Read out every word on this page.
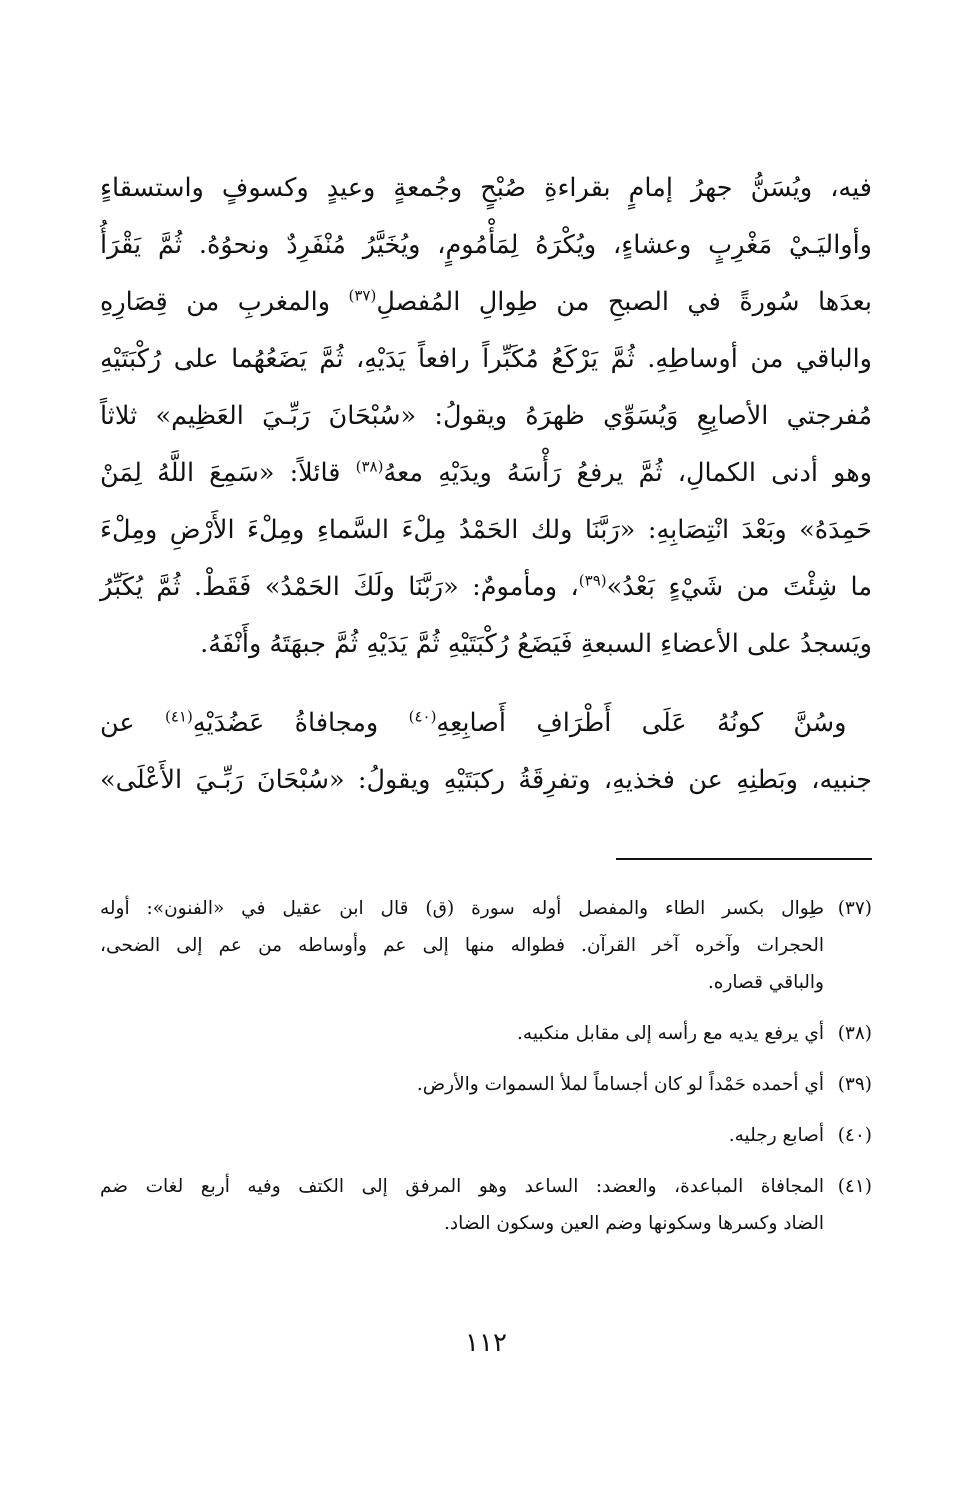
فيه، ويُسَنُّ جهرُ إمامٍ بقراءةِ صُبْحٍ وجُمعةٍ وعيدٍ وكسوفٍ واستسقاءٍ
وأواليَـيْ مَغْرِبٍ وعشاءٍ، ويُكْرَهُ لِمَأْمُومٍ، ويُخَيَّرُ مُنْفَرِدٌ ونحوُهُ. ثُمَّ يَقْرَأُ
بعدَها سُورةً في الصبحِ من طِوالِ المُفصلِ$^{(٣٧)}$ والمغربِ من قِصَارِهِ
والباقي من أوساطِهِ. ثُمَّ يَرْكَعُ مُكَبِّراً رافعاً يَدَيْهِ، ثُمَّ يَضَعُهُما على رُكْبَتَيْهِ
مُفرجتي الأصابِعِ وَيُسَوِّي ظهرَهُ ويقولُ: «سُبْحَانَ رَبِّـيَ العَظِيم» ثلاثاً
وهو أدنى الكمالِ، ثُمَّ يرفعُ رَأْسَهُ ويدَيْهِ معهُ$^{(٣٨)}$ قائلاً: «سَمِعَ اللَّهُ لِمَنْ
حَمِدَهُ» وبَعْدَ انْتِصَابِهِ: «رَبَّنَا ولك الحَمْدُ مِلْءَ السَّماءِ ومِلْءَ الأَرْضِ ومِلْءَ
ما شِئْتَ من شَيْءٍ بَعْدُ»$^{(٣٩)}$، ومأمومٌ: «رَبَّنَا ولَكَ الحَمْدُ» فَقَطْ. ثُمَّ يُكَبِّرُ
ويَسجدُ على الأعضاءِ السبعةِ فَيَضَعُ رُكْبَتَيْهِ ثُمَّ يَدَيْهِ ثُمَّ جبهَتَهُ وأَنْفَهُ.

 وسُنَّ كونُهُ عَلَى أَطْرَافِ أَصابِعِهِ$^{(٤٠)}$ ومجافاةُ عَضُدَيْهِ$^{(٤١)}$ عن
جنبيه، وبَطنِهِ عن فخذيهِ، وتفرِقَةُ ركبَتَيْهِ ويقولُ: «سُبْحَانَ رَبِّـيَ الأَعْلَى»

(٣٧)
طِوال بكسر الطاء والمفصل أوله سورة (ق) قال ابن عقيل في «الفنون»: أوله
الحجرات وآخره آخر القرآن. فطواله منها إلى عم وأوساطه من عم إلى الضحى،
والباقي قصاره.
(٣٨)
أي يرفع يديه مع رأسه إلى مقابل منكبيه.
(٣٩)
أي أحمده حَمْداً لو كان أجساماً لملأ السموات والأرض.
(٤٠)
أصابع رجليه.
(٤١)
المجافاة المباعدة، والعضد: الساعد وهو المرفق إلى الكتف وفيه أربع لغات ضم
الضاد وكسرها وسكونها وضم العين وسكون الضاد.
١١٢
